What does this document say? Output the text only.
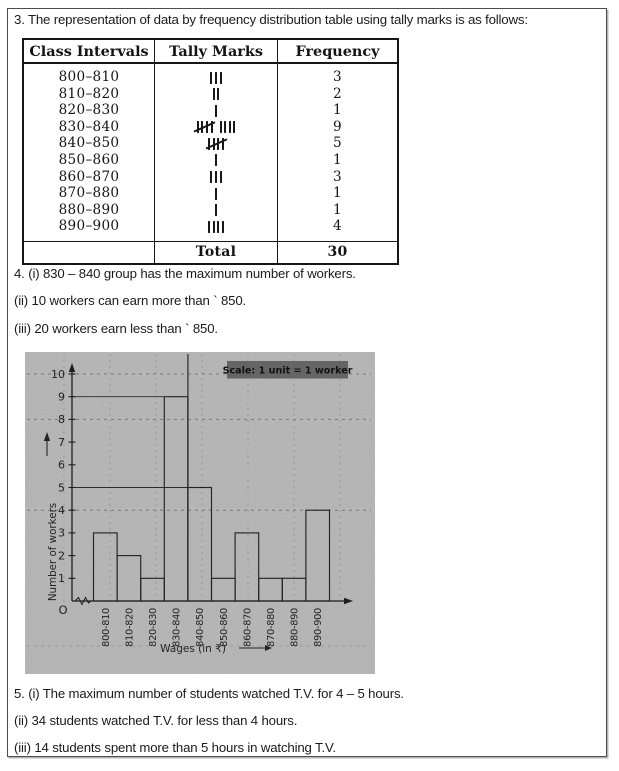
3. The representation of data by frequency distribution table using tally marks is as follows:
Class Intervals	Tally Marks	Frequency
800–810		3
810–820		2
820–830		1
830–840		9
840–850		5
850–860		1
860–870		3
870–880		1
880–890		1
890–900		4
	Total	30

4. (i) 830 – 840 group has the maximum number of workers.

(ii) 10 workers can earn more than ` 850.

(iii) 20 workers earn less than ` 850.

1
2
3
4
5
6
7
8
9
10
O	800-810 810-820 820-830 830-840 840-850 850-860 860-870 870-880 880-890 890-900
Wages (in ₹)
Number of workers
Scale: 1 unit = 1 worker

5. (i) The maximum number of students watched T.V. for 4 – 5 hours.

(ii) 34 students watched T.V. for less than 4 hours.

(iii) 14 students spent more than 5 hours in watching T.V.
